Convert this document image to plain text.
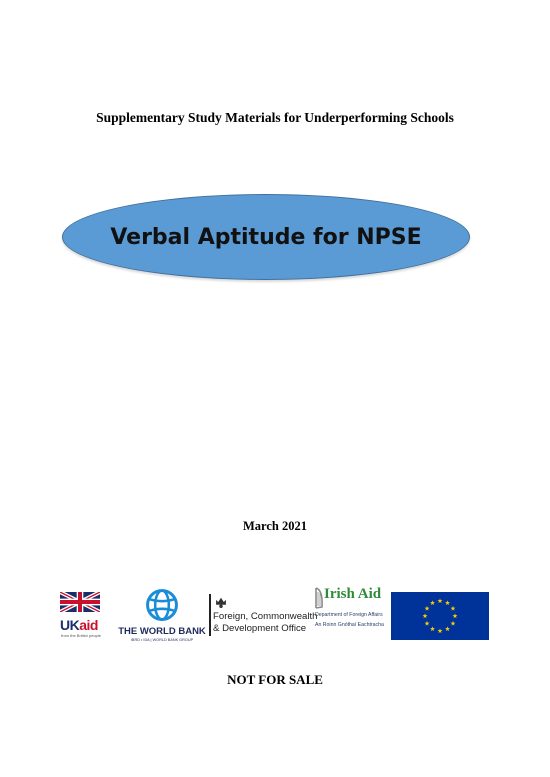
Supplementary Study Materials for Underperforming Schools
Verbal Aptitude for NPSE
March 2021
UKaid
from the British people THE WORLD BANK
IBRD • IDA | WORLD BANK GROUP
Foreign, Commonwealth
& Development Office
Irish Aid
Department of Foreign Affairs
An Roinn Gnóthaí Eachtracha
NOT FOR SALE
